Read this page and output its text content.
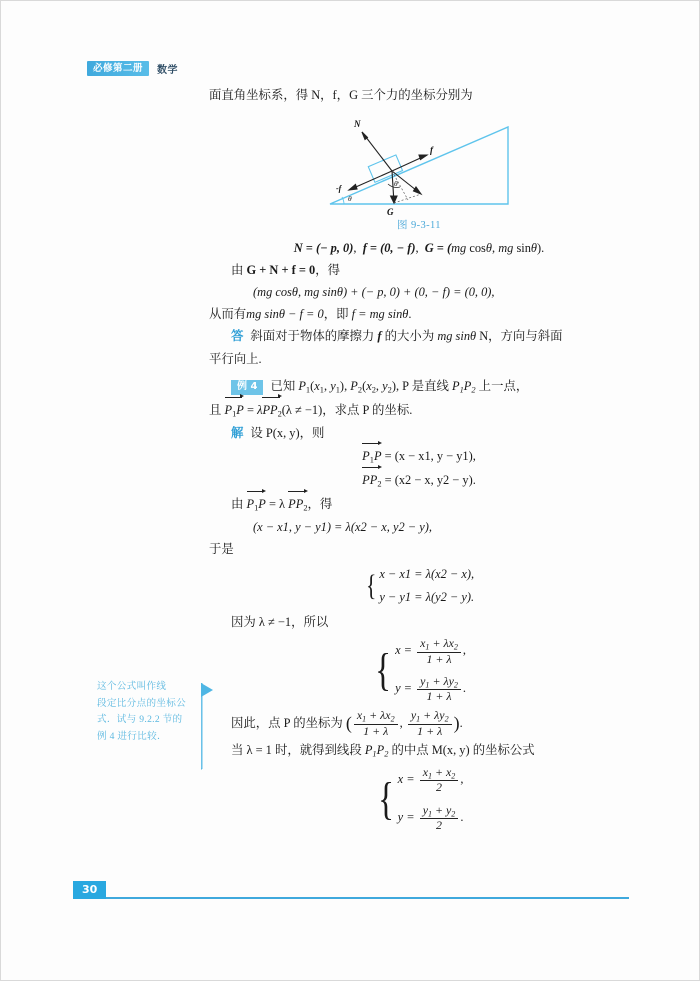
必修第二册	数学

面直角坐标系，得 N，f，G 三个力的坐标分别为

N
f
-f
G
θ
θ
图 9-3-11

N = (− p, 0),  f = (0, − f),  G = (mg cosθ, mg sinθ).

由 G + N + f = 0，得

(mg cosθ, mg sinθ) + (− p, 0) + (0, − f) = (0, 0),

从而有mg sinθ − f = 0，即 f = mg sinθ.

答 斜面对于物体的摩擦力 f 的大小为 mg sinθ N，方向与斜面

平行向上.

例 4 已知 $P_1(x_1$, $y_1$), $P_2(x_2$, $y_2$), P 是直线 $P_1P_2$ 上一点，

且 $P_1P = \lambda PP_2(\lambda \ne -1)$，求点 P 的坐标.

解 设 P(x, y)，则

$P_1P = (x - x1$, y − y1),

$PP_2 = (x2 - x$, y2 − y).

由 $P_1P = \lambda$ $PP_2$，得

(x − x1, y − y1) = λ(x2 − x, y2 − y),

于是

{ x − x1 = λ(x2 − x),
y − y1 = λ(y2 − y).

因为 λ ≠ −1，所以

{ $x = \frac{x_1 + \lambda x_2}{1 + \lambda}$ ,
$y = \frac{y_1 + \lambda y_2}{1 + \lambda}$ .

因此，点 P 的坐标为 ( $\frac{x_1 + \lambda x_2}{1 + \lambda}$ , $\frac{y_1 + \lambda y_2}{1 + \lambda}$ ).

当 λ = 1 时，就得到线段 $P_1P_2$ 的中点 M(x, y) 的坐标公式

{ $x = \frac{x_1 + x_2}{2}$ ,
$y = \frac{y_1 + y_2}{2}$ .
这个公式叫作线
段定比分点的坐标公
式．试与 9.2.2 节的
例 4 进行比较．
30
